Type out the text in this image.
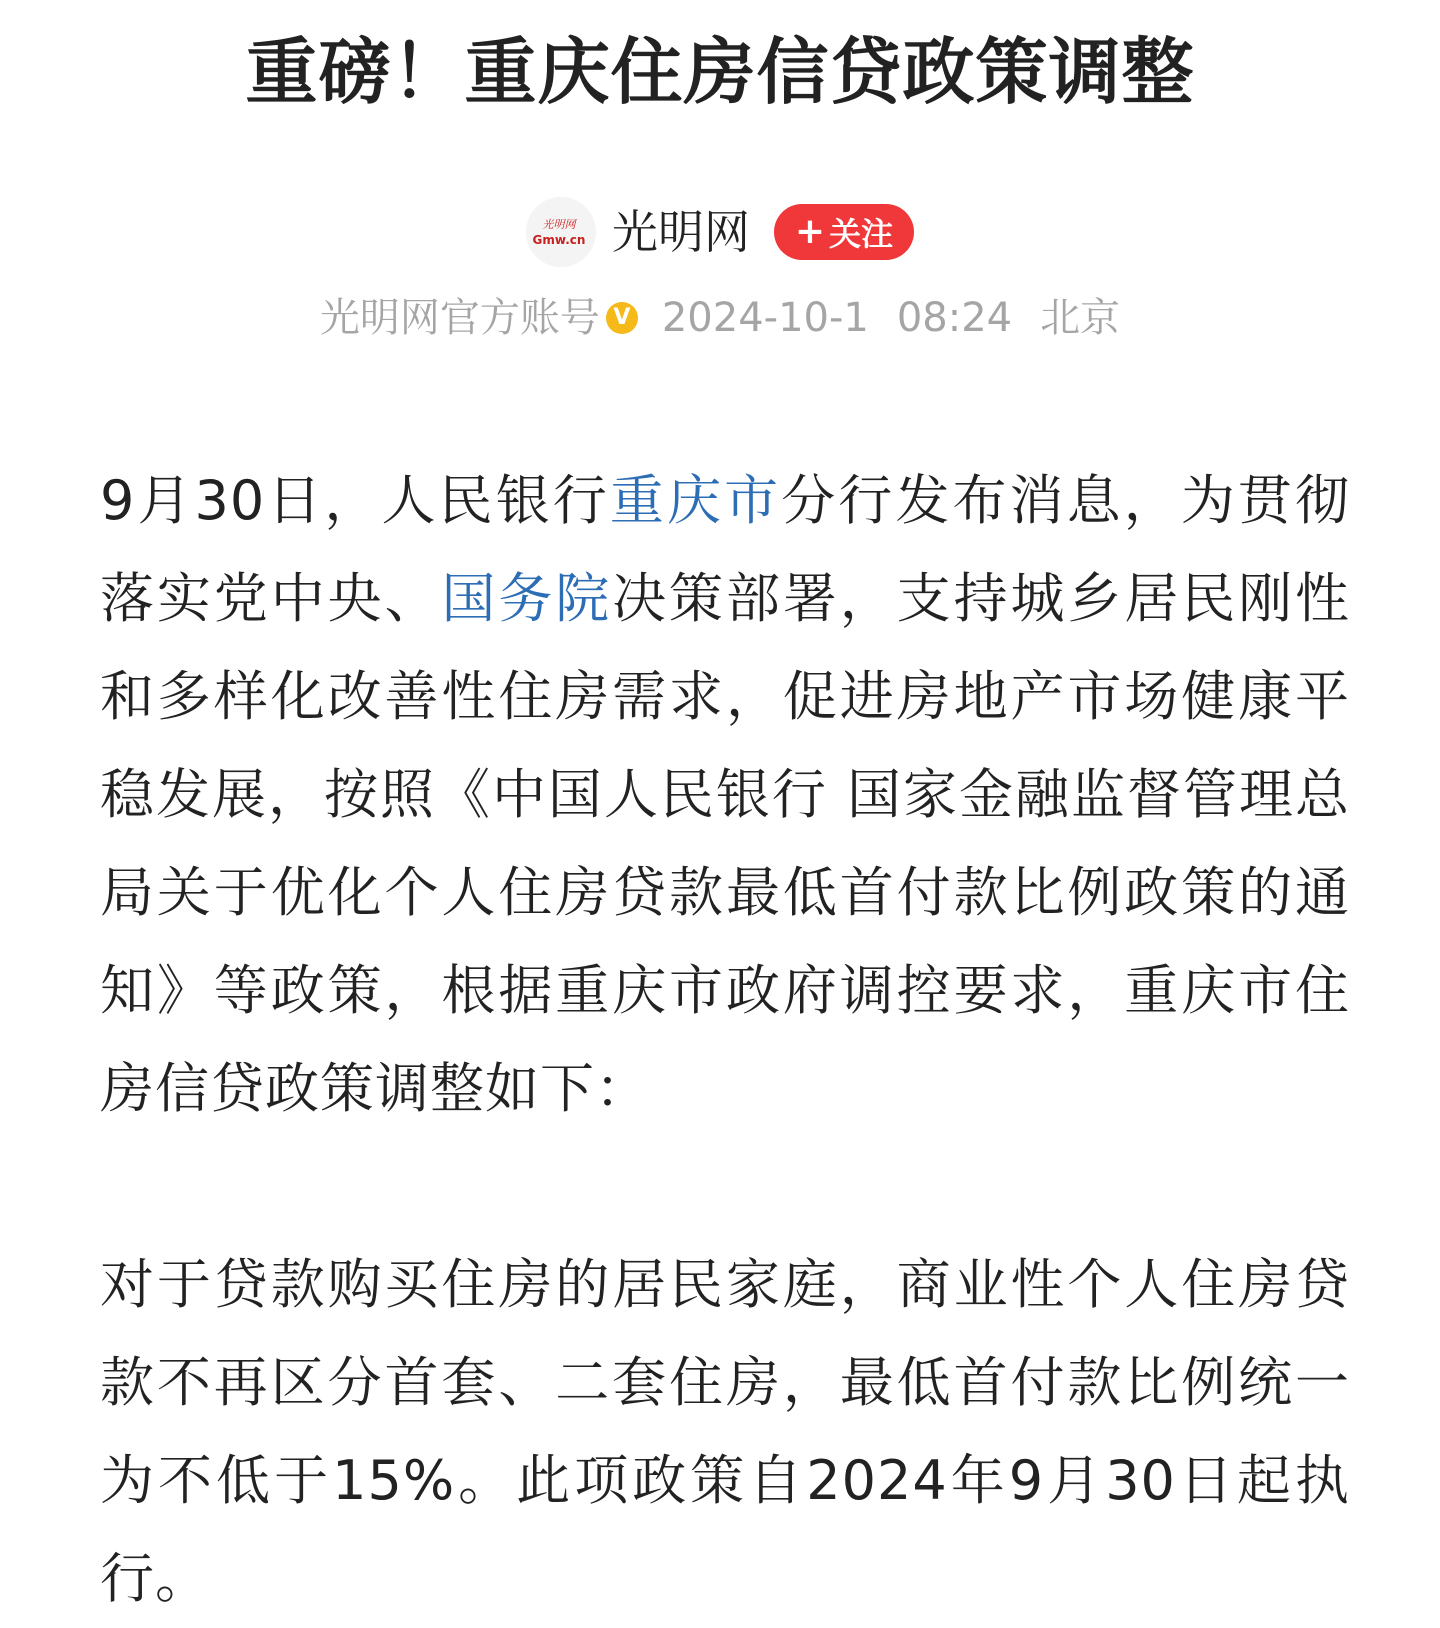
重磅！重庆住房信贷政策调整
光明网
Gmw.cn 光明网 + 关注
光明网官方账号 V 2024-10-1 08:24 北京

9月30日，人民银行重庆市分行发布消息，为贯彻落实党中央、国务院决策部署，支持城乡居民刚性和多样化改善性住房需求，促进房地产市场健康平稳发展，按照《中国人民银行 国家金融监督管理总局关于优化个人住房贷款最低首付款比例政策的通知》等政策，根据重庆市政府调控要求，重庆市住房信贷政策调整如下：

对于贷款购买住房的居民家庭，商业性个人住房贷款不再区分首套、二套住房，最低首付款比例统一为不低于15%。此项政策自2024年9月30日起执行。
